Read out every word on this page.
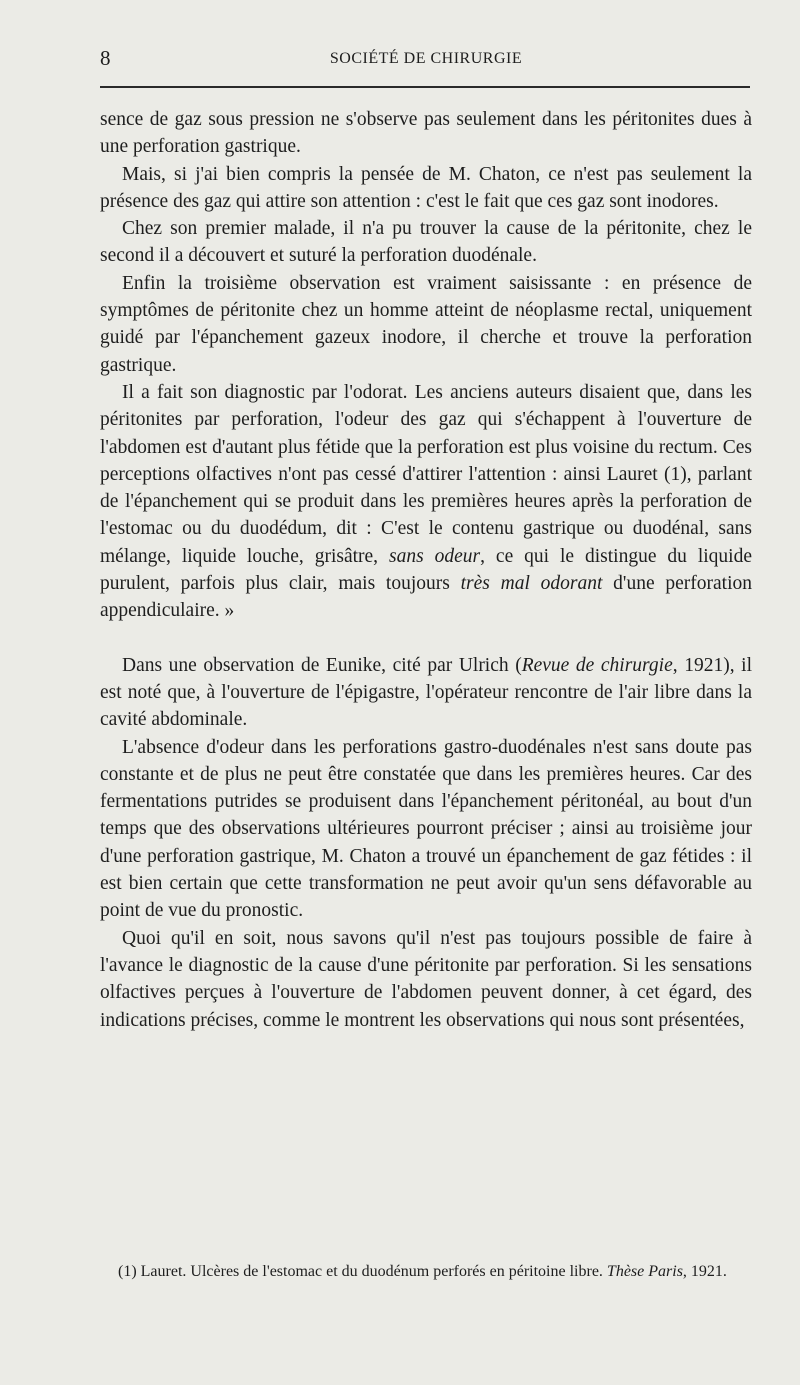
8	SOCIÉTÉ DE CHIRURGIE

sence de gaz sous pression ne s'observe pas seulement dans les péritonites dues à une perforation gastrique.

Mais, si j'ai bien compris la pensée de M. Chaton, ce n'est pas seulement la présence des gaz qui attire son attention : c'est le fait que ces gaz sont inodores.

Chez son premier malade, il n'a pu trouver la cause de la péritonite, chez le second il a découvert et suturé la perforation duodénale.

Enfin la troisième observation est vraiment saisissante : en présence de symptômes de péritonite chez un homme atteint de néoplasme rectal, uniquement guidé par l'épanchement gazeux inodore, il cherche et trouve la perforation gastrique.

Il a fait son diagnostic par l'odorat. Les anciens auteurs disaient que, dans les péritonites par perforation, l'odeur des gaz qui s'échappent à l'ouverture de l'abdomen est d'autant plus fétide que la perforation est plus voisine du rectum. Ces perceptions olfactives n'ont pas cessé d'attirer l'attention : ainsi Lauret (1), parlant de l'épanchement qui se produit dans les premières heures après la perforation de l'estomac ou du duodédum, dit : C'est le contenu gastrique ou duodénal, sans mélange, liquide louche, grisâtre, sans odeur, ce qui le distingue du liquide purulent, parfois plus clair, mais toujours très mal odorant d'une perforation appendiculaire. »

Dans une observation de Eunike, cité par Ulrich (Revue de chirurgie, 1921), il est noté que, à l'ouverture de l'épigastre, l'opérateur rencontre de l'air libre dans la cavité abdominale.

L'absence d'odeur dans les perforations gastro-duodénales n'est sans doute pas constante et de plus ne peut être constatée que dans les premières heures. Car des fermentations putrides se produisent dans l'épanchement péritonéal, au bout d'un temps que des observations ultérieures pourront préciser ; ainsi au troisième jour d'une perforation gastrique, M. Chaton a trouvé un épanchement de gaz fétides : il est bien certain que cette transformation ne peut avoir qu'un sens défavorable au point de vue du pronostic.

Quoi qu'il en soit, nous savons qu'il n'est pas toujours possible de faire à l'avance le diagnostic de la cause d'une péritonite par perforation. Si les sensations olfactives perçues à l'ouverture de l'abdomen peuvent donner, à cet égard, des indications précises, comme le montrent les observations qui nous sont présentées,

(1) Lauret. Ulcères de l'estomac et du duodénum perforés en péritoine libre. Thèse Paris, 1921.
